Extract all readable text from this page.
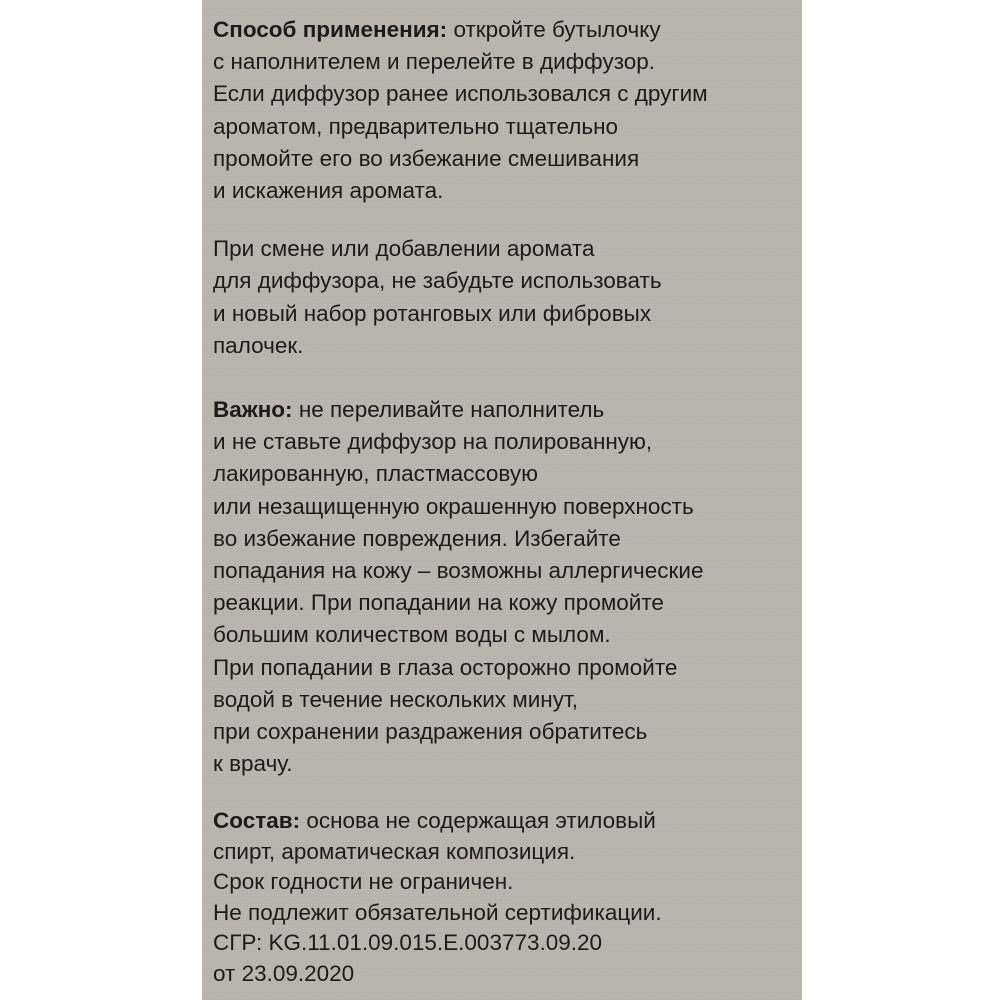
Способ применения: откройте бутылочку
с наполнителем и перелейте в диффузор.
Если диффузор ранее использовался с другим
ароматом, предварительно тщательно
промойте его во избежание смешивания
и искажения аромата.
При смене или добавлении аромата
для диффузора, не забудьте использовать
и новый набор ротанговых или фибровых
палочек.
Важно: не переливайте наполнитель
и не ставьте диффузор на полированную,
лакированную, пластмассовую
или незащищенную окрашенную поверхность
во избежание повреждения. Избегайте
попадания на кожу – возможны аллергические
реакции. При попадании на кожу промойте
большим количеством воды с мылом.
При попадании в глаза осторожно промойте
водой в течение нескольких минут,
при сохранении раздражения обратитесь
к врачу.
Состав: основа не содержащая этиловый
спирт, ароматическая композиция.
Срок годности не ограничен.
Не подлежит обязательной сертификации.
СГР: KG.11.01.09.015.E.003773.09.20
от 23.09.2020
